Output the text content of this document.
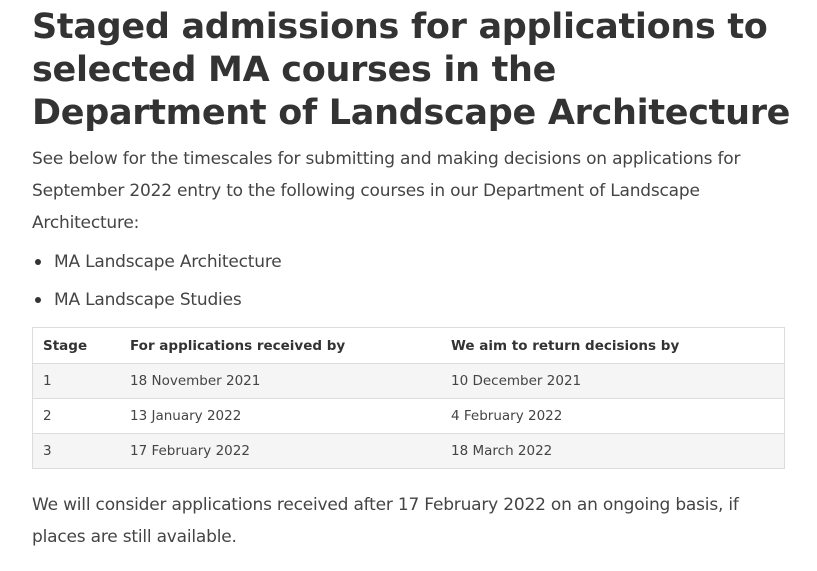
Staged admissions for applications to selected MA courses in the Department of Landscape Architecture

See below for the timescales for submitting and making decisions on applications for September 2022 entry to the following courses in our Department of Landscape Architecture:

MA Landscape Architecture
MA Landscape Studies
Stage	For applications received by	We aim to return decisions by
1	18 November 2021	10 December 2021
2	13 January 2022	4 February 2022
3	17 February 2022	18 March 2022

We will consider applications received after 17 February 2022 on an ongoing basis, if places are still available.
